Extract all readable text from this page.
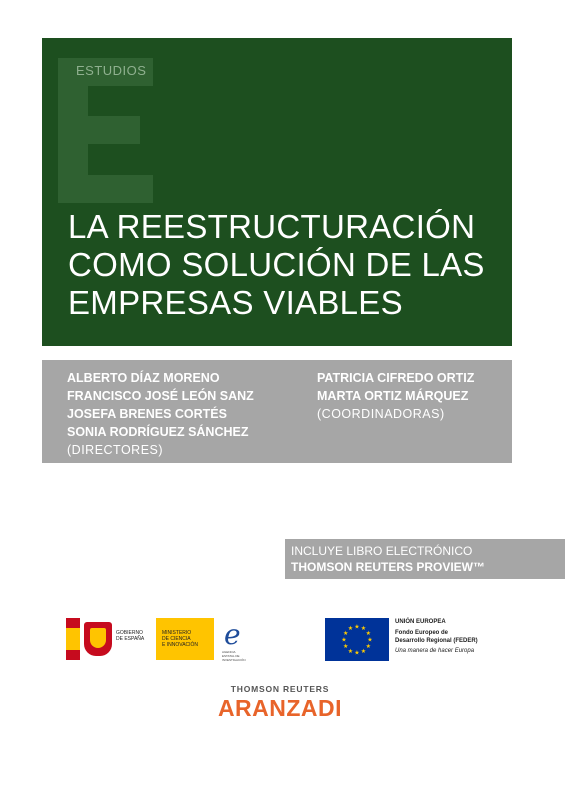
ESTUDIOS
LA REESTRUCTURACIÓN
COMO SOLUCIÓN DE LAS
EMPRESAS VIABLES
ALBERTO DÍAZ MORENO
FRANCISCO JOSÉ LEÓN SANZ
JOSEFA BRENES CORTÉS
SONIA RODRÍGUEZ SÁNCHEZ
(DIRECTORES)
PATRICIA CIFREDO ORTIZ
MARTA ORTIZ MÁRQUEZ
(COORDINADORAS)
INCLUYE LIBRO ELECTRÓNICO
THOMSON REUTERS PROVIEW™
GOBIERNO
DE ESPAÑA
MINISTERIO
DE CIENCIA
E INNOVACIÓN e
AGENCIA
ESTATAL DE
INVESTIGACIÓN
★ ★
★
★
★
★
★
★
★
★
★
★
UNIÓN EUROPEA
Fondo Europeo de
Desarrollo Regional (FEDER)
Una manera de hacer Europa
THOMSON REUTERS
ARANZADI
